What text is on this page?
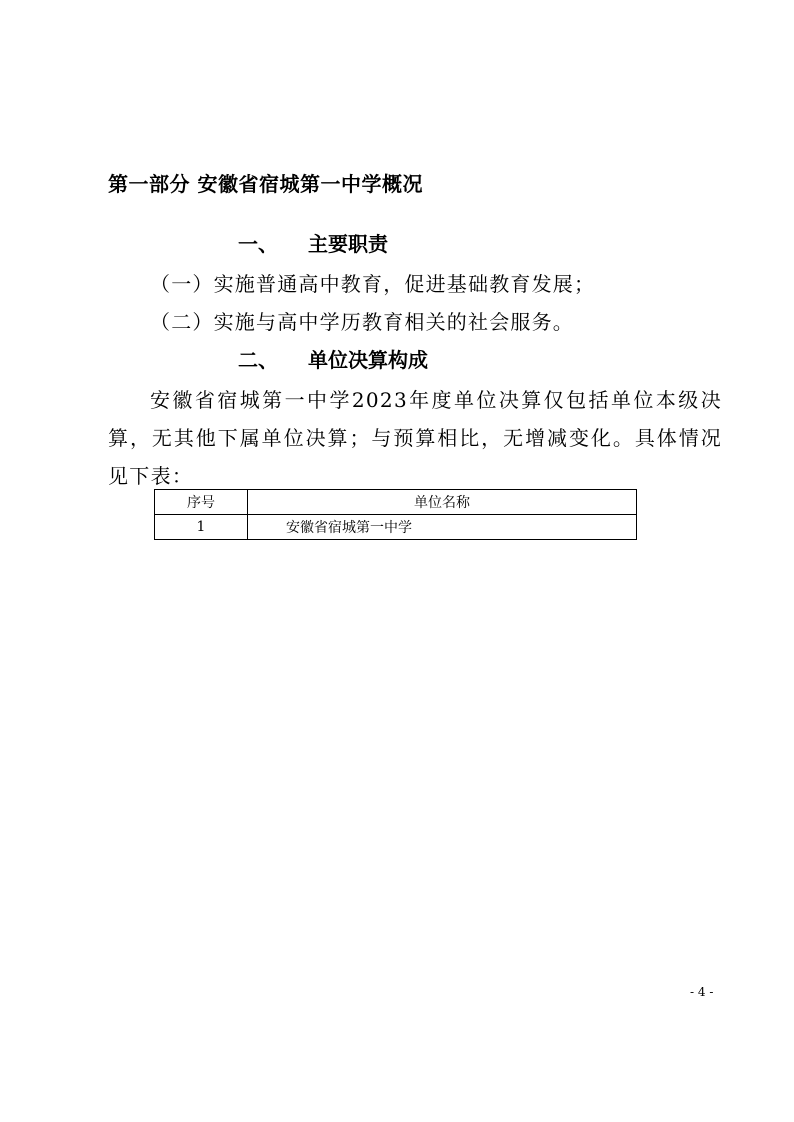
第一部分 安徽省宿城第一中学概况
一、 主要职责
（一）实施普通高中教育，促进基础教育发展；
（二）实施与高中学历教育相关的社会服务。
二、 单位决算构成
安徽省宿城第一中学2023年度单位决算仅包括单位本级决算，无其他下属单位决算；与预算相比，无增减变化。具体情况见下表：
序号	单位名称
1	安徽省宿城第一中学
- 4 -
